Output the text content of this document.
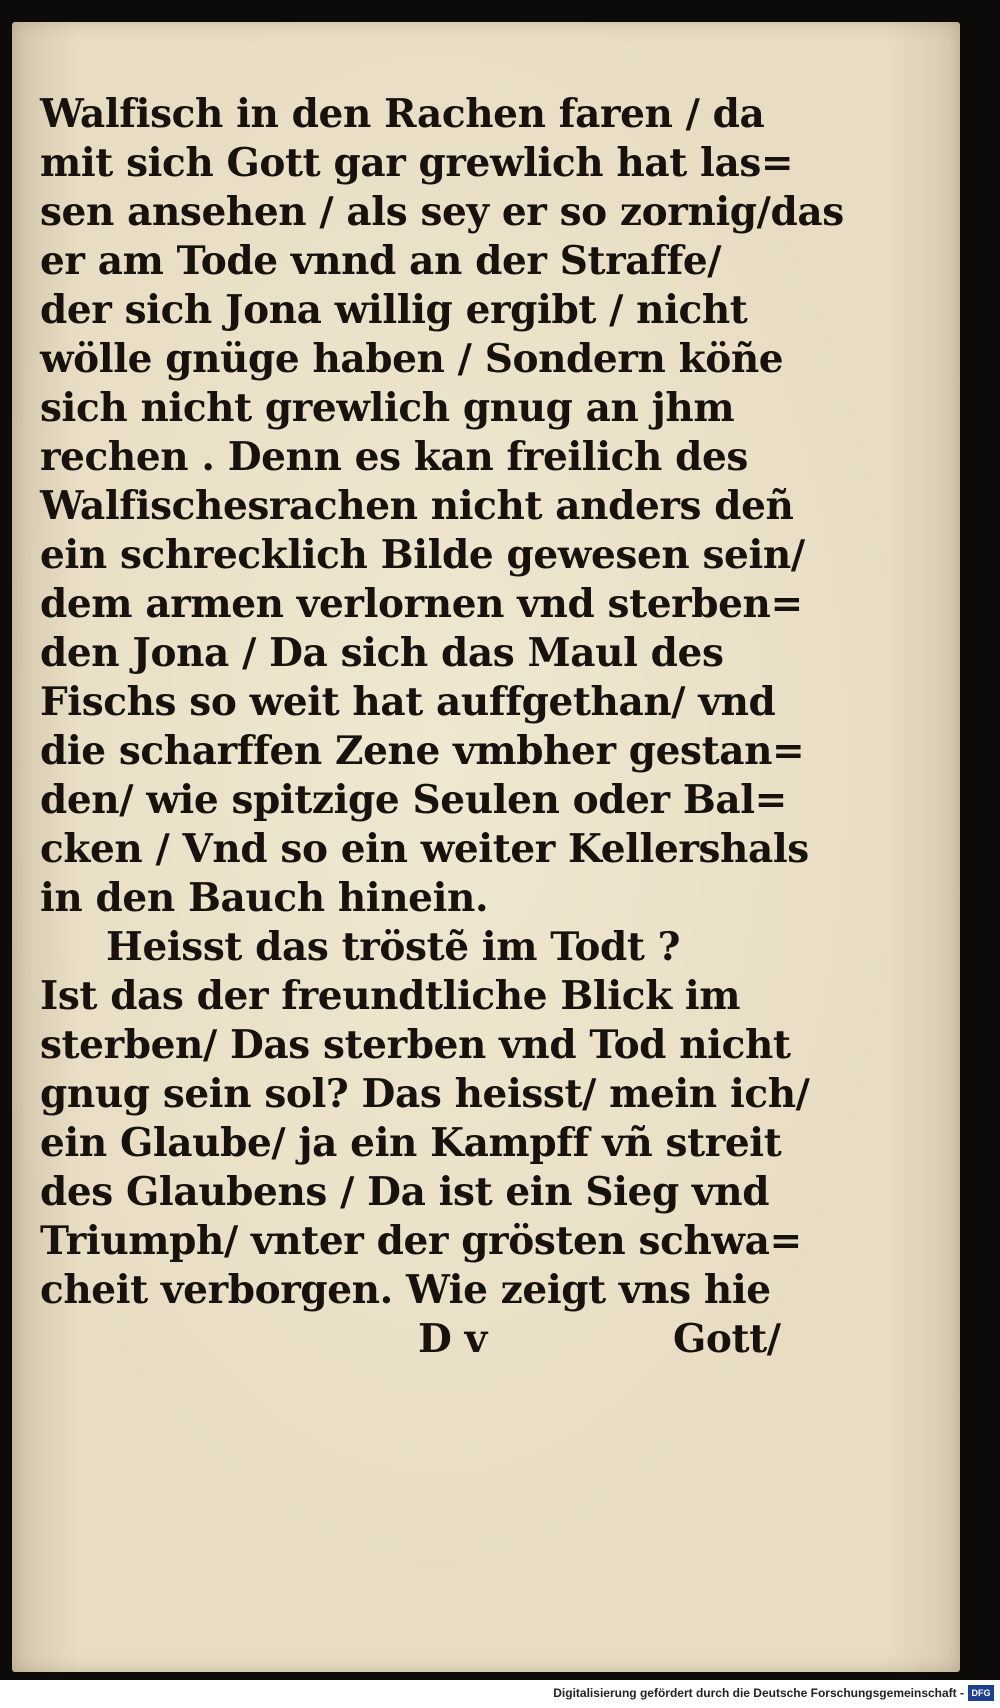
Walfisch in den Rachen faren / da
mit sich Gott gar grewlich hat las=
sen ansehen / als sey er so zornig/das
er am Tode vnnd an der Straffe/
der sich Jona willig ergibt / nicht
wölle gnüge haben / Sondern köñe
sich nicht grewlich gnug an jhm
rechen . Denn es kan freilich des
Walfischesrachen nicht anders deñ
ein schrecklich Bilde gewesen sein/
dem armen verlornen vnd sterben=
den Jona / Da sich das Maul des
Fischs so weit hat auffgethan/ vnd
die scharffen Zene vmbher gestan=
den/ wie spitzige Seulen oder Bal=
cken / Vnd so ein weiter Kellershals
in den Bauch hinein.
Heisst das tröstẽ im Todt ?
Ist das der freundtliche Blick im
sterben/ Das sterben vnd Tod nicht
gnug sein sol? Das heisst/ mein ich/
ein Glaube/ ja ein Kampff vñ streit
des Glaubens / Da ist ein Sieg vnd
Triumph/ vnter der grösten schwa=
cheit verborgen. Wie zeigt vns hie
D v	Gott/
Digitalisierung gefördert durch die Deutsche Forschungsgemeinschaft - DFG
